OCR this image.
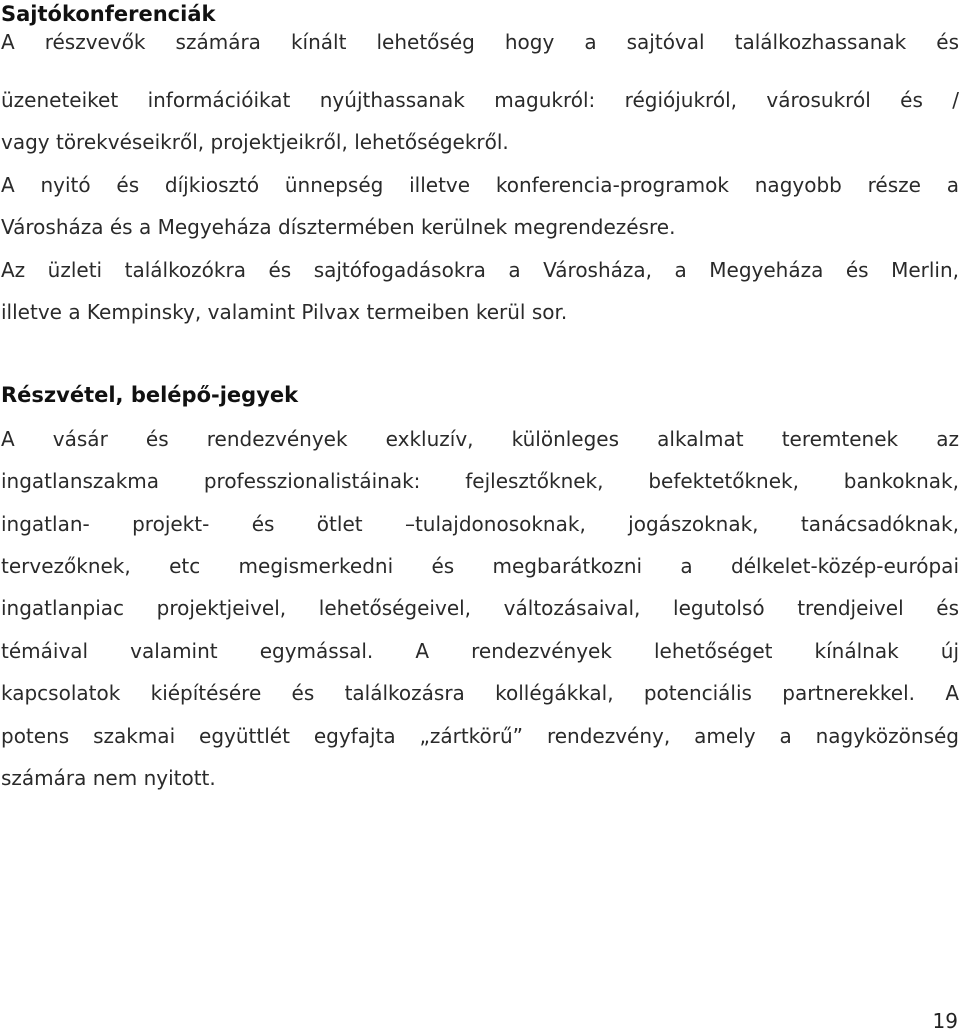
Sajtókonferenciák
A részvevők számára kínált lehetőség hogy a sajtóval találkozhassanak és
üzeneteiket információikat nyújthassanak magukról: régiójukról, városukról és /
vagy törekvéseikről, projektjeikről, lehetőségekről.
A nyitó és díjkiosztó ünnepség illetve konferencia-programok nagyobb része a
Városháza és a Megyeháza dísztermében kerülnek megrendezésre.
Az üzleti találkozókra és sajtófogadásokra a Városháza, a Megyeháza és Merlin,
illetve a Kempinsky, valamint Pilvax termeiben kerül sor.
Részvétel, belépő-jegyek
A vásár és rendezvények exkluzív, különleges alkalmat teremtenek az
ingatlanszakma professzionalistáinak: fejlesztőknek, befektetőknek, bankoknak,
ingatlan- projekt- és ötlet –tulajdonosoknak, jogászoknak, tanácsadóknak,
tervezőknek, etc megismerkedni és megbarátkozni a délkelet-közép-európai
ingatlanpiac projektjeivel, lehetőségeivel, változásaival, legutolsó trendjeivel és
témáival valamint egymással. A rendezvények lehetőséget kínálnak új
kapcsolatok kiépítésére és találkozásra kollégákkal, potenciális partnerekkel. A
potens szakmai együttlét egyfajta „zártkörű” rendezvény, amely a nagyközönség
számára nem nyitott.
19
